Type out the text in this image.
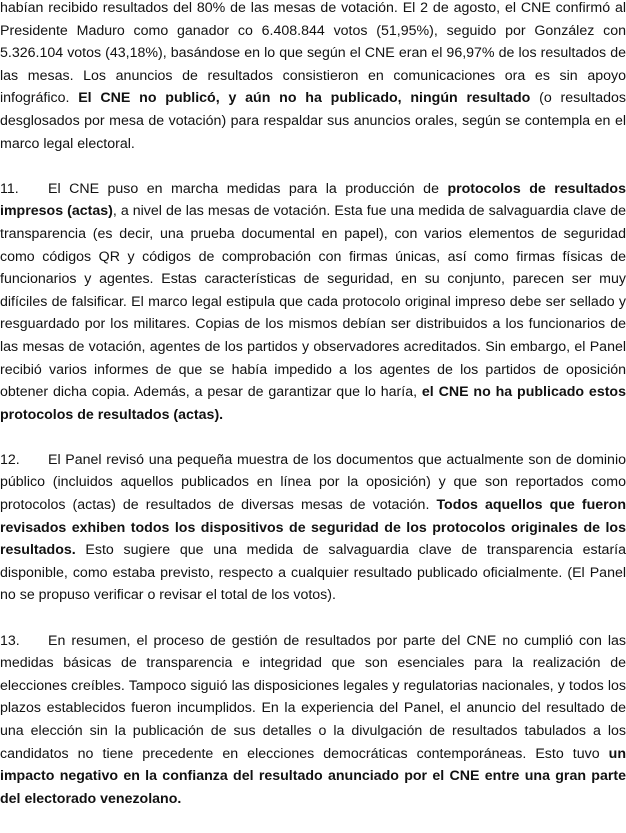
habían recibido resultados del 80% de las mesas de votación. El 2 de agosto, el CNE confirmó al Presidente Maduro como ganador co 6.408.844 votos (51,95%), seguido por González con 5.326.104 votos (43,18%), basándose en lo que según el CNE eran el 96,97% de los resultados de las mesas. Los anuncios de resultados consistieron en comunicaciones ora es sin apoyo infográfico. El CNE no publicó, y aún no ha publicado, ningún resultado (o resultados desglosados por mesa de votación) para respaldar sus anuncios orales, según se contempla en el marco legal electoral.

11. El CNE puso en marcha medidas para la producción de protocolos de resultados impresos (actas), a nivel de las mesas de votación. Esta fue una medida de salvaguardia clave de transparencia (es decir, una prueba documental en papel), con varios elementos de seguridad como códigos QR y códigos de comprobación con firmas únicas, así como firmas físicas de funcionarios y agentes. Estas características de seguridad, en su conjunto, parecen ser muy difíciles de falsificar. El marco legal estipula que cada protocolo original impreso debe ser sellado y resguardado por los militares. Copias de los mismos debían ser distribuidos a los funcionarios de las mesas de votación, agentes de los partidos y observadores acreditados. Sin embargo, el Panel recibió varios informes de que se había impedido a los agentes de los partidos de oposición obtener dicha copia. Además, a pesar de garantizar que lo haría, el CNE no ha publicado estos protocolos de resultados (actas).

12. El Panel revisó una pequeña muestra de los documentos que actualmente son de dominio público (incluidos aquellos publicados en línea por la oposición) y que son reportados como protocolos (actas) de resultados de diversas mesas de votación. Todos aquellos que fueron revisados exhiben todos los dispositivos de seguridad de los protocolos originales de los resultados. Esto sugiere que una medida de salvaguardia clave de transparencia estaría disponible, como estaba previsto, respecto a cualquier resultado publicado oficialmente. (El Panel no se propuso verificar o revisar el total de los votos).

13. En resumen, el proceso de gestión de resultados por parte del CNE no cumplió con las medidas básicas de transparencia e integridad que son esenciales para la realización de elecciones creíbles. Tampoco siguió las disposiciones legales y regulatorias nacionales, y todos los plazos establecidos fueron incumplidos. En la experiencia del Panel, el anuncio del resultado de una elección sin la publicación de sus detalles o la divulgación de resultados tabulados a los candidatos no tiene precedente en elecciones democráticas contemporáneas. Esto tuvo un impacto negativo en la confianza del resultado anunciado por el CNE entre una gran parte del electorado venezolano.
